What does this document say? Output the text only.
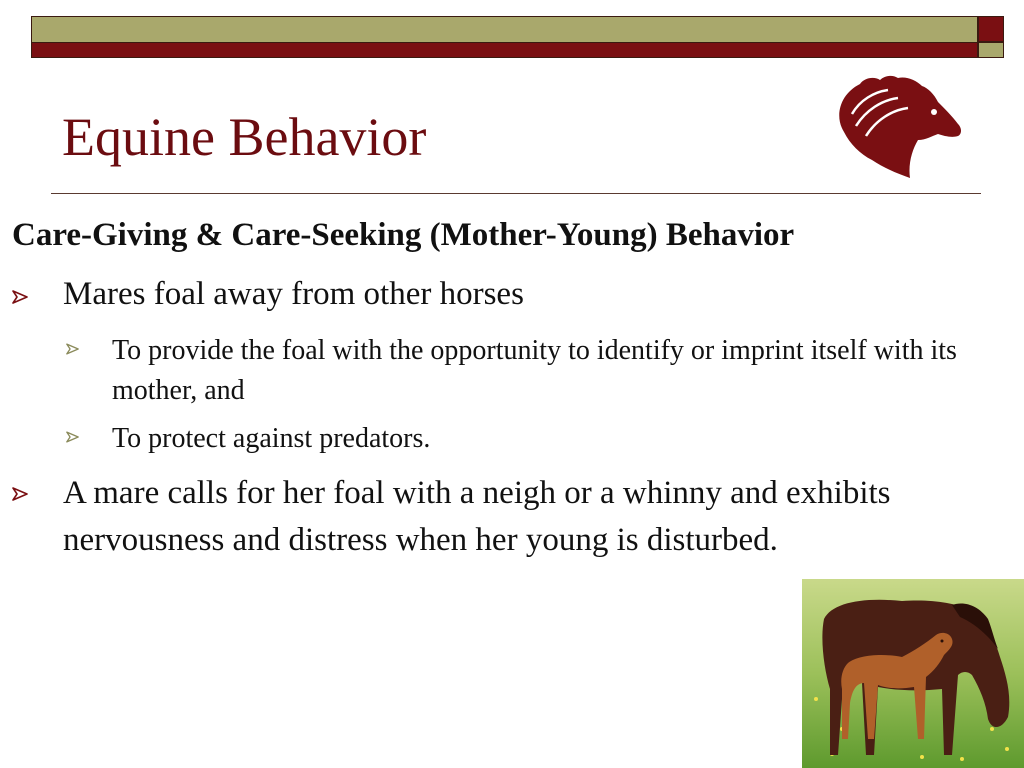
Equine Behavior
Care-Giving & Care-Seeking (Mother-Young) Behavior
Mares foal away from other horses
To provide the foal with the opportunity to identify or imprint itself with its mother, and
To protect against predators.
A mare calls for her foal with a neigh or a whinny and exhibits nervousness and distress when her young is disturbed.
